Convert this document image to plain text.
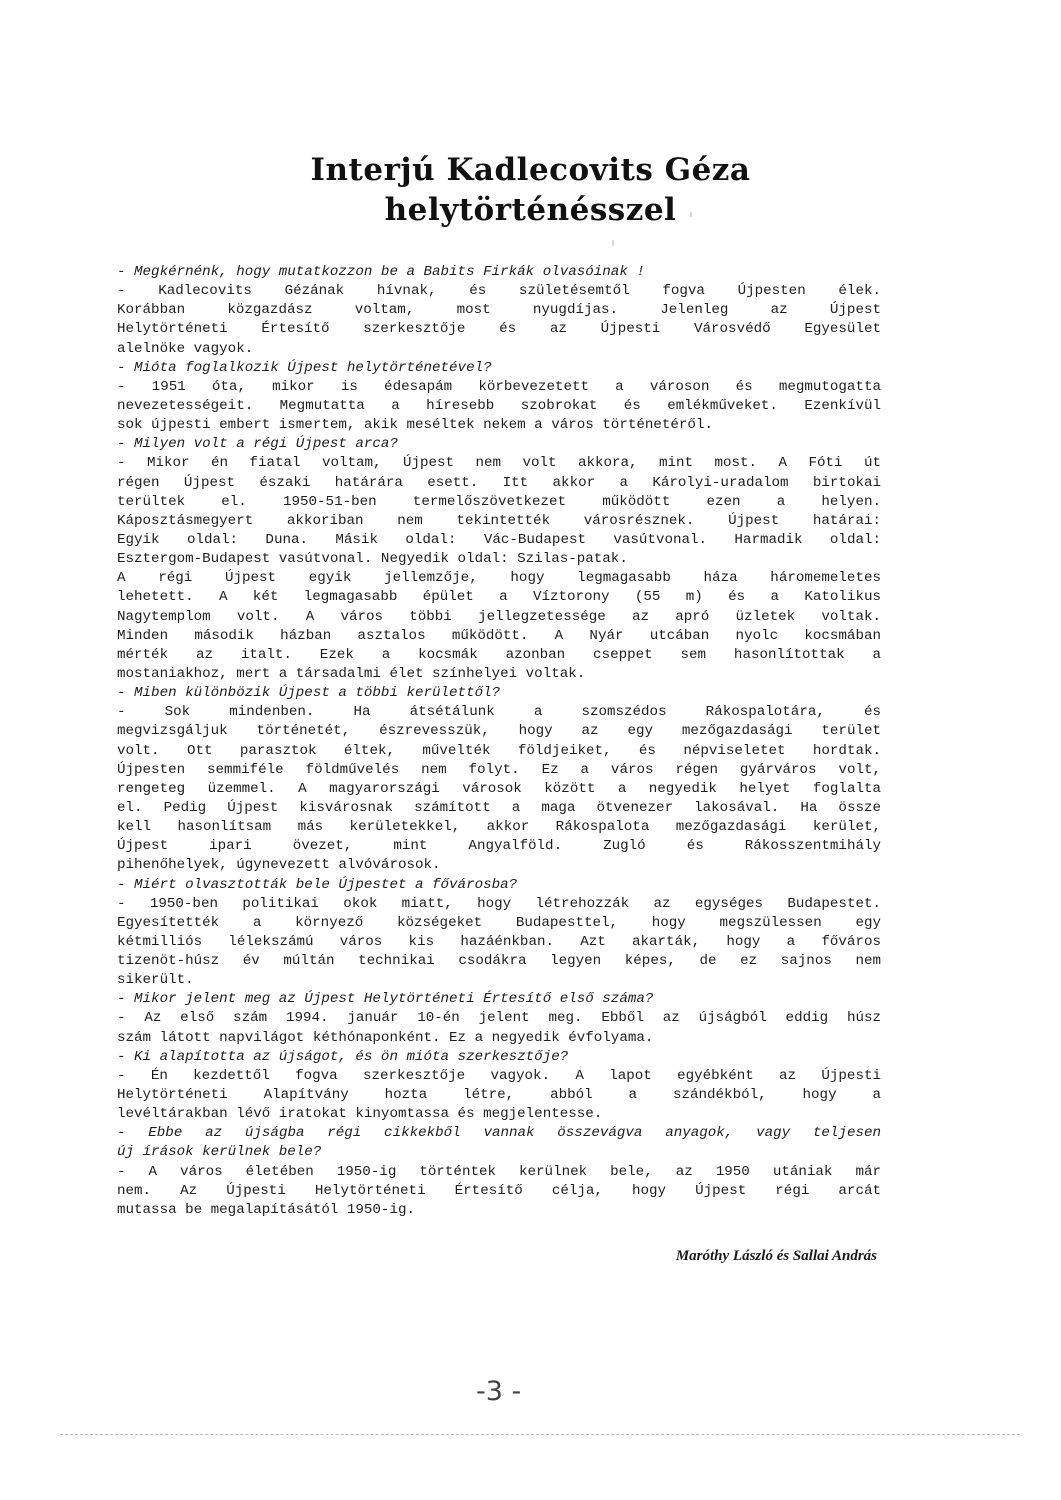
Interjú Kadlecovits Géza
helytörténésszel
- Megkérnénk, hogy mutatkozzon be a Babits Firkák olvasóinak !
- Kadlecovits Gézának hívnak, és születésemtől fogva Újpesten élek.
Korábban közgazdász voltam, most nyugdíjas. Jelenleg az Újpest
Helytörténeti Értesítő szerkesztője és az Újpesti Városvédő Egyesület
alelnöke vagyok.
- Mióta foglalkozik Újpest helytörténetével?
- 1951 óta, mikor is édesapám körbevezetett a városon és megmutogatta
nevezetességeit. Megmutatta a híresebb szobrokat és emlékműveket. Ezenkívül
sok újpesti embert ismertem, akik meséltek nekem a város történetéről.
- Milyen volt a régi Újpest arca?
- Mikor én fiatal voltam, Újpest nem volt akkora, mint most. A Fóti út
régen Újpest északi határára esett. Itt akkor a Károlyi-uradalom birtokai
terültek el. 1950-51-ben termelőszövetkezet működött ezen a helyen.
Káposztásmegyert akkoriban nem tekintették városrésznek. Újpest határai:
Egyik oldal: Duna. Másik oldal: Vác-Budapest vasútvonal. Harmadik oldal:
Esztergom-Budapest vasútvonal. Negyedik oldal: Szilas-patak.
A régi Újpest egyik jellemzője, hogy legmagasabb háza háromemeletes
lehetett. A két legmagasabb épület a Víztorony (55 m) és a Katolikus
Nagytemplom volt. A város többi jellegzetessége az apró üzletek voltak.
Minden második házban asztalos működött. A Nyár utcában nyolc kocsmában
mérték az italt. Ezek a kocsmák azonban cseppet sem hasonlítottak a
mostaniakhoz, mert a társadalmi élet színhelyei voltak.
- Miben különbözik Újpest a többi kerülettől?
- Sok mindenben. Ha átsétálunk a szomszédos Rákospalotára, és
megvizsgáljuk történetét, észrevesszük, hogy az egy mezőgazdasági terület
volt. Ott parasztok éltek, művelték földjeiket, és népviseletet hordtak.
Újpesten semmiféle földművelés nem folyt. Ez a város régen gyárváros volt,
rengeteg üzemmel. A magyarországi városok között a negyedik helyet foglalta
el. Pedig Újpest kisvárosnak számított a maga ötvenezer lakosával. Ha össze
kell hasonlítsam más kerületekkel, akkor Rákospalota mezőgazdasági kerület,
Újpest ipari övezet, mint Angyalföld. Zugló és Rákosszentmihály
pihenőhelyek, úgynevezett alvóvárosok.
- Miért olvasztották bele Újpestet a fővárosba?
- 1950-ben politikai okok miatt, hogy létrehozzák az egységes Budapestet.
Egyesítették a környező községeket Budapesttel, hogy megszülessen egy
kétmilliós lélekszámú város kis hazáénkban. Azt akarták, hogy a főváros
tizenöt-húsz év múltán technikai csodákra legyen képes, de ez sajnos nem
sikerült.
- Mikor jelent meg az Újpest Helytörténeti Értesítő első száma?
- Az első szám 1994. január 10-én jelent meg. Ebből az újságból eddig húsz
szám látott napvilágot kéthónaponként. Ez a negyedik évfolyama.
- Ki alapította az újságot, és ön mióta szerkesztője?
- Én kezdettől fogva szerkesztője vagyok. A lapot egyébként az Újpesti
Helytörténeti Alapítvány hozta létre, abból a szándékból, hogy a
levéltárakban lévő iratokat kinyomtassa és megjelentesse.
- Ebbe az újságba régi cikkekből vannak összevágva anyagok, vagy teljesen
új írások kerülnek bele?
- A város életében 1950-ig történtek kerülnek bele, az 1950 utániak már
nem. Az Újpesti Helytörténeti Értesítő célja, hogy Újpest régi arcát
mutassa be megalapításától 1950-ig.

Maróthy László és Sallai András

-3 -
